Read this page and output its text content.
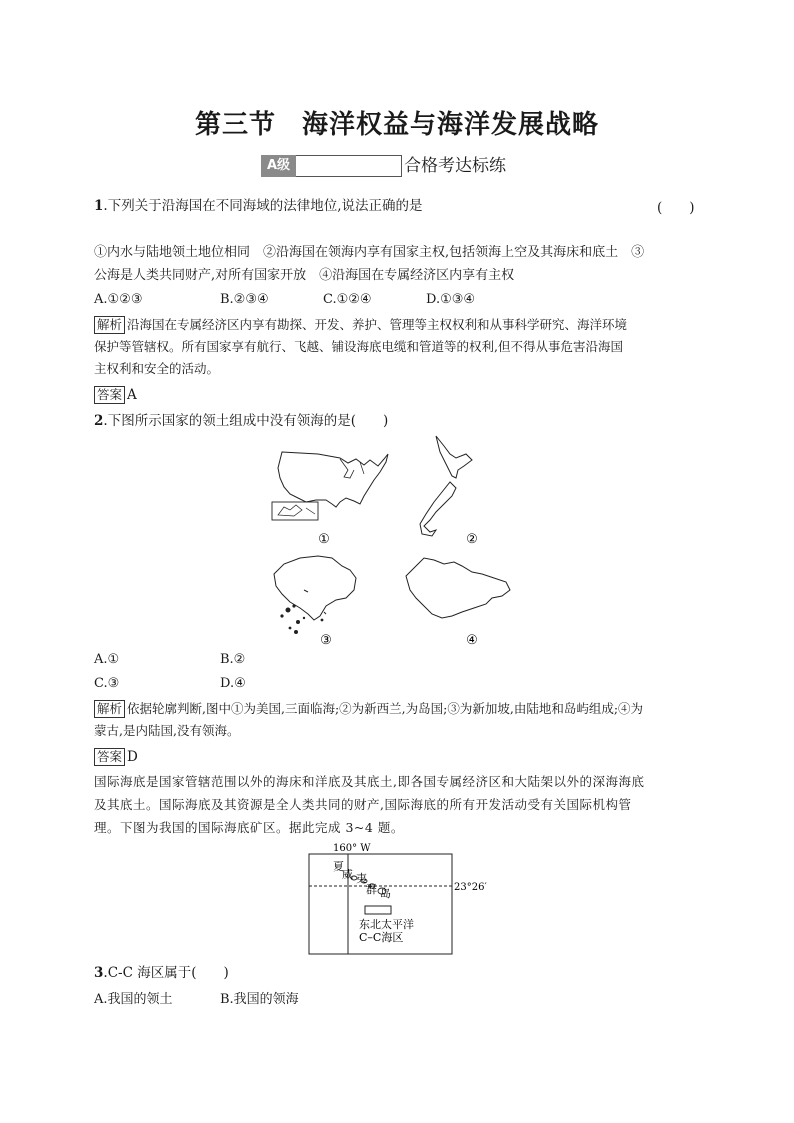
第三节 海洋权益与海洋发展战略
A级	合格考达标练
1.下列关于沿海国在不同海域的法律地位,说法正确的是	(　　)
①内水与陆地领土地位相同　②沿海国在领海内享有国家主权,包括领海上空及其海床和底土　③
公海是人类共同财产,对所有国家开放　④沿海国在专属经济区内享有主权
A.①②③	B.②③④	C.①②④	D.①③④
解析 沿海国在专属经济区内享有勘探、开发、养护、管理等主权权利和从事科学研究、海洋环境
保护等管辖权。所有国家享有航行、飞越、铺设海底电缆和管道等的权利,但不得从事危害沿海国
主权利和安全的活动。
答案 A
2.下图所示国家的领土组成中没有领海的是(　　)
①	②
③	④
A.①	B.②
C.③	D.④
解析 依据轮廓判断,图中①为美国,三面临海;②为新西兰,为岛国;③为新加坡,由陆地和岛屿组成;④为
蒙古,是内陆国,没有领海。
答案 D
国际海底是国家管辖范围以外的海床和洋底及其底土,即各国专属经济区和大陆架以外的深海海底
及其底土。国际海底及其资源是全人类共同的财产,国际海底的所有开发活动受有关国际机构管
理。下图为我国的国际海底矿区。据此完成 3~4 题。
160° W
23°26′
夏
威 夷
群 岛
东北太平洋
C–C海区
3.C-C 海区属于(　　)
A.我国的领土	B.我国的领海
